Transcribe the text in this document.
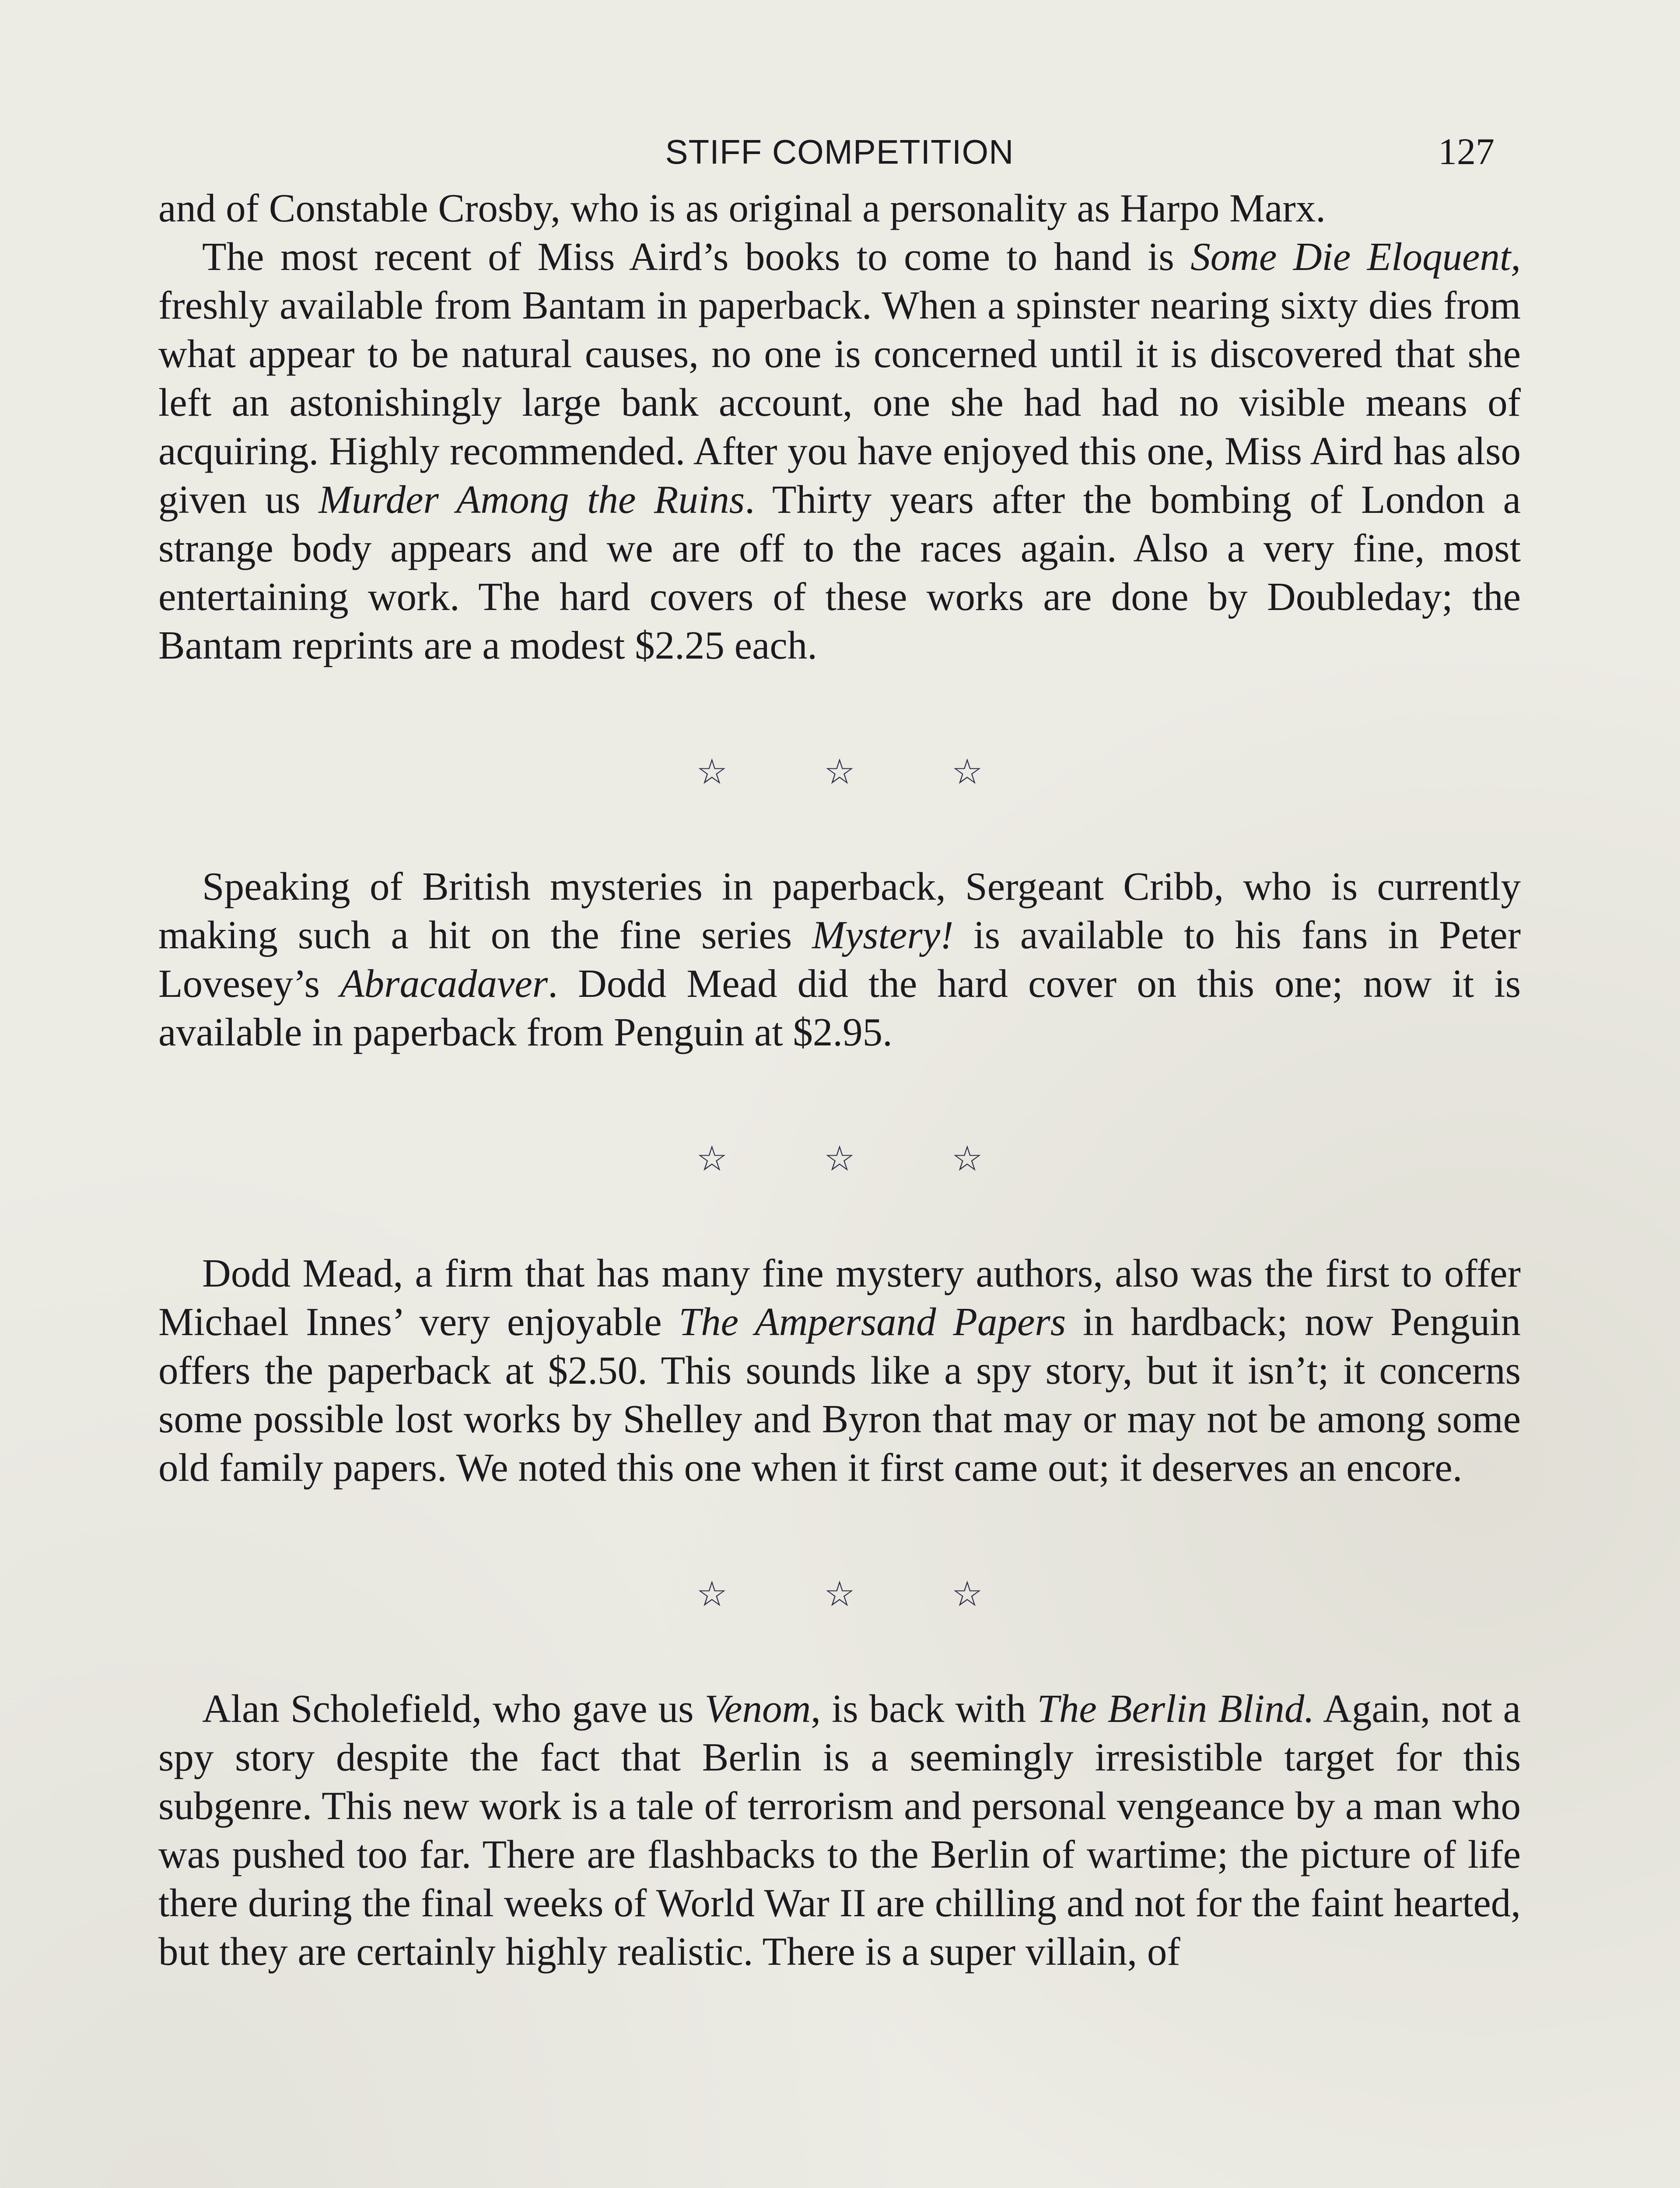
STIFF COMPETITION	127

and of Constable Crosby, who is as original a personality as Harpo Marx.

The most recent of Miss Aird’s books to come to hand is Some Die Eloquent, freshly available from Bantam in paperback. When a spinster nearing sixty dies from what appear to be natural causes, no one is concerned until it is discovered that she left an astonishingly large bank account, one she had had no visible means of acquiring. Highly recommended. After you have enjoyed this one, Miss Aird has also given us Murder Among the Ruins. Thirty years after the bombing of London a strange body appears and we are off to the races again. Also a very fine, most entertaining work. The hard covers of these works are done by Doubleday; the Bantam reprints are a modest $2.25 each.

☆ ☆ ☆

Speaking of British mysteries in paperback, Sergeant Cribb, who is currently making such a hit on the fine series Mystery! is available to his fans in Peter Lovesey’s Abracadaver. Dodd Mead did the hard cover on this one; now it is available in paperback from Penguin at $2.95.

☆ ☆ ☆

Dodd Mead, a firm that has many fine mystery authors, also was the first to offer Michael Innes’ very enjoyable The Ampersand Papers in hardback; now Penguin offers the paperback at $2.50. This sounds like a spy story, but it isn’t; it concerns some possible lost works by Shelley and Byron that may or may not be among some old family papers. We noted this one when it first came out; it deserves an encore.

☆ ☆ ☆

Alan Scholefield, who gave us Venom, is back with The Berlin Blind. Again, not a spy story despite the fact that Berlin is a seemingly irresistible target for this subgenre. This new work is a tale of terrorism and personal vengeance by a man who was pushed too far. There are flashbacks to the Berlin of wartime; the picture of life there during the final weeks of World War II are chilling and not for the faint hearted, but they are certainly highly realistic. There is a super villain, of
